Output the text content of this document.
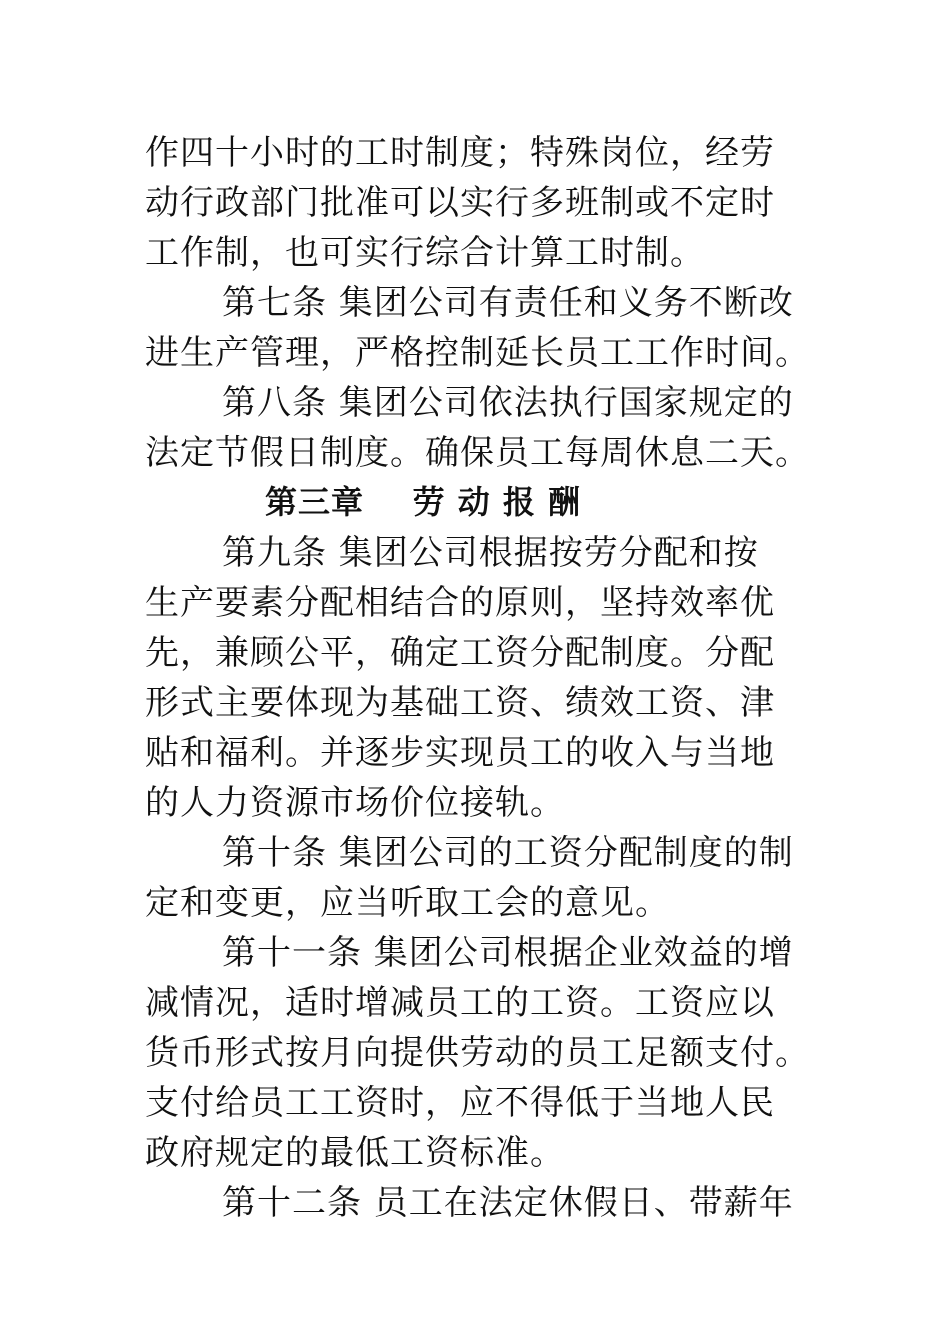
作四十小时的工时制度；特殊岗位，经劳
动行政部门批准可以实行多班制或不定时
工作制，也可实行综合计算工时制。
第七条 集团公司有责任和义务不断改
进生产管理，严格控制延长员工工作时间。
第八条 集团公司依法执行国家规定的
法定节假日制度。确保员工每周休息二天。
第三章    劳 动 报 酬
第九条 集团公司根据按劳分配和按
生产要素分配相结合的原则，坚持效率优
先，兼顾公平，确定工资分配制度。分配
形式主要体现为基础工资、绩效工资、津
贴和福利。并逐步实现员工的收入与当地
的人力资源市场价位接轨。
第十条 集团公司的工资分配制度的制
定和变更，应当听取工会的意见。
第十一条 集团公司根据企业效益的增
减情况，适时增减员工的工资。工资应以
货币形式按月向提供劳动的员工足额支付。
支付给员工工资时，应不得低于当地人民
政府规定的最低工资标准。
第十二条 员工在法定休假日、带薪年
